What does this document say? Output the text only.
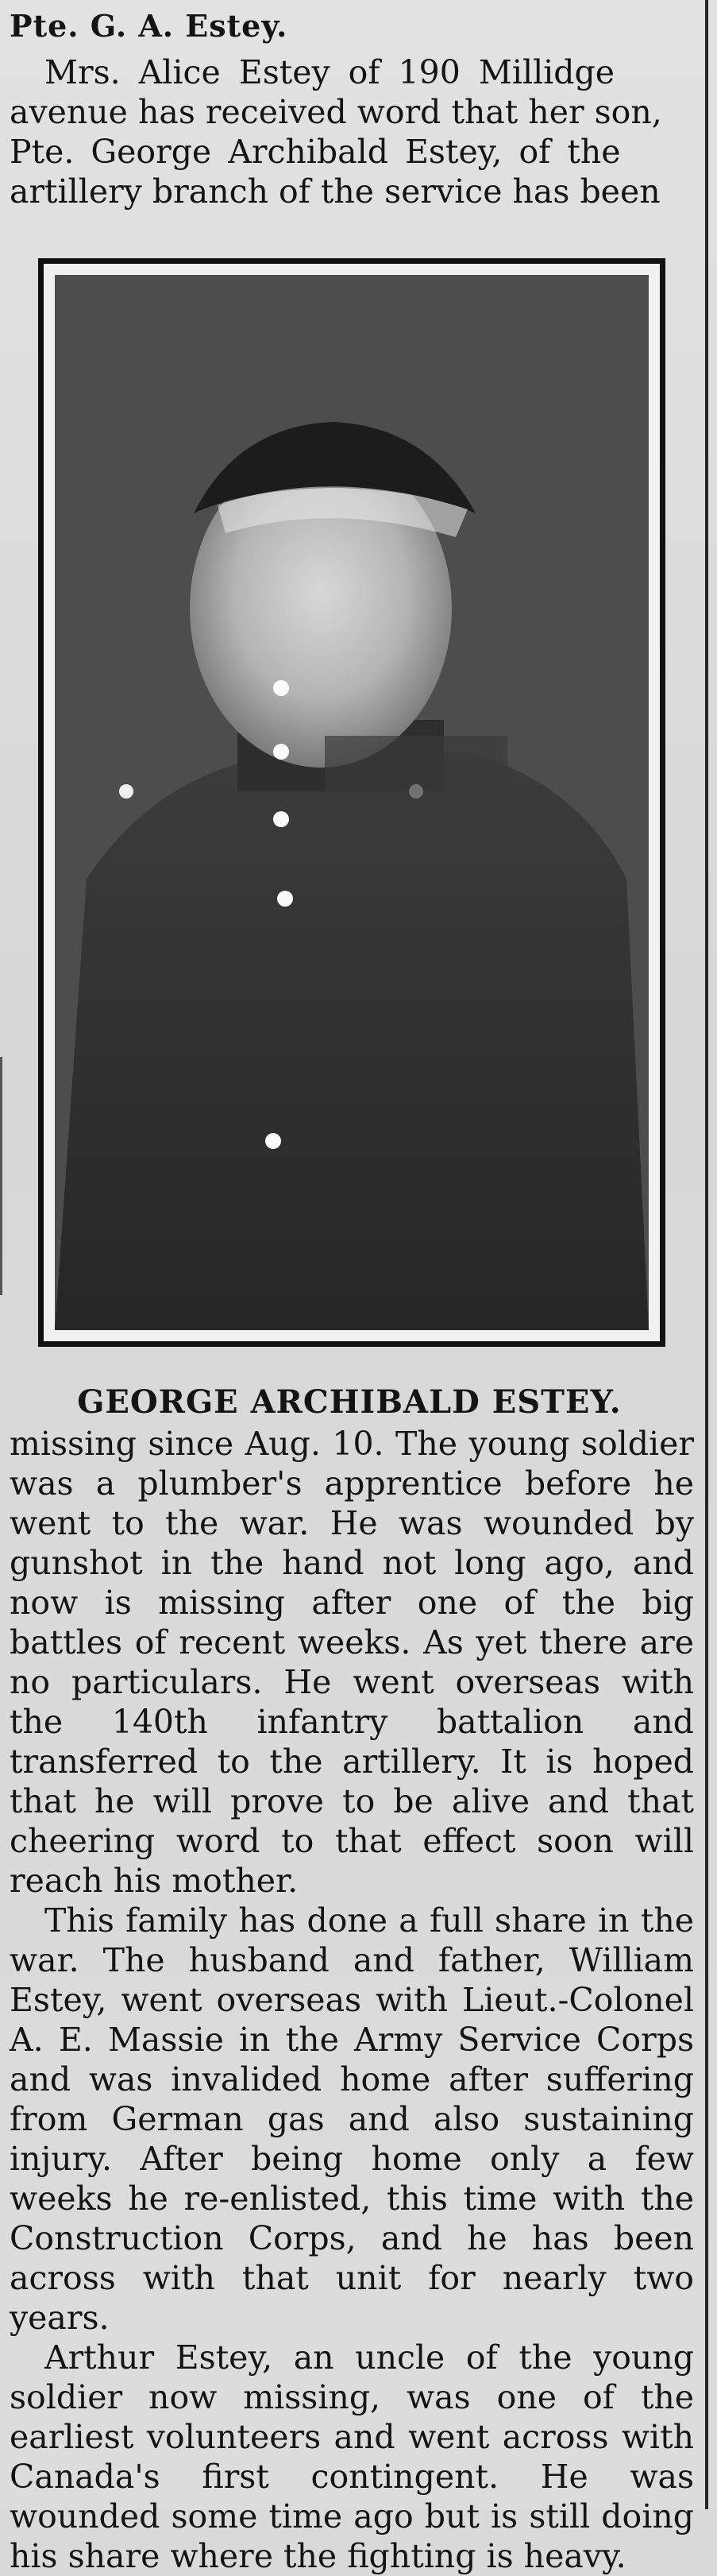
Pte. G. A. Estey.
Mrs. Alice Estey of 190 Millidge
avenue has received word that her son,
Pte. George Archibald Estey, of the
artillery branch of the service has been

GEORGE ARCHIBALD ESTEY.

missing since Aug. 10. The young soldier was a plumber's apprentice before he went to the war. He was wounded by gunshot in the hand not long ago, and now is missing after one of the big battles of recent weeks. As yet there are no particulars. He went overseas with the 140th infantry battalion and transferred to the artillery. It is hoped that he will prove to be alive and that cheering word to that effect soon will reach his mother.

This family has done a full share in the war. The husband and father, William Estey, went overseas with Lieut.-Colonel A. E. Massie in the Army Service Corps and was invalided home after suffering from German gas and also sustaining injury. After being home only a few weeks he re-enlisted, this time with the Construction Corps, and he has been across with that unit for nearly two years.

Arthur Estey, an uncle of the young soldier now missing, was one of the earliest volunteers and went across with Canada's first contingent. He was wounded some time ago but is still doing his share where the fighting is heavy.
